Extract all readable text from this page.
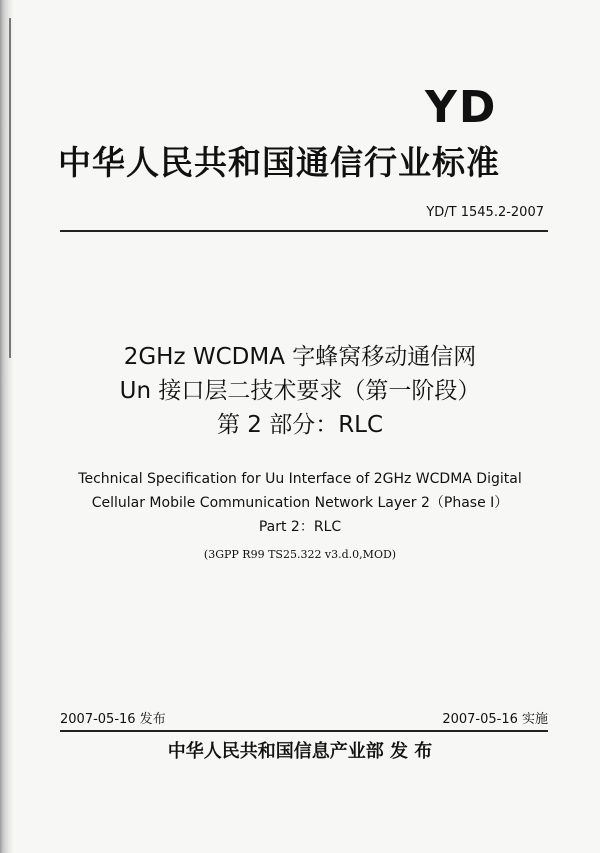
YD
中华人民共和国通信行业标准
YD/T 1545.2-2007
2GHz WCDMA 字蜂窝移动通信网
Un 接口层二技术要求（第一阶段）
第 2 部分：RLC
Technical Specification for Uu Interface of 2GHz WCDMA Digital
Cellular Mobile Communication Network Layer 2（Phase I）
Part 2：RLC
(3GPP R99 TS25.322 v3.d.0,MOD)
2007-05-16 发布	2007-05-16 实施
中华人民共和国信息产业部 发 布
